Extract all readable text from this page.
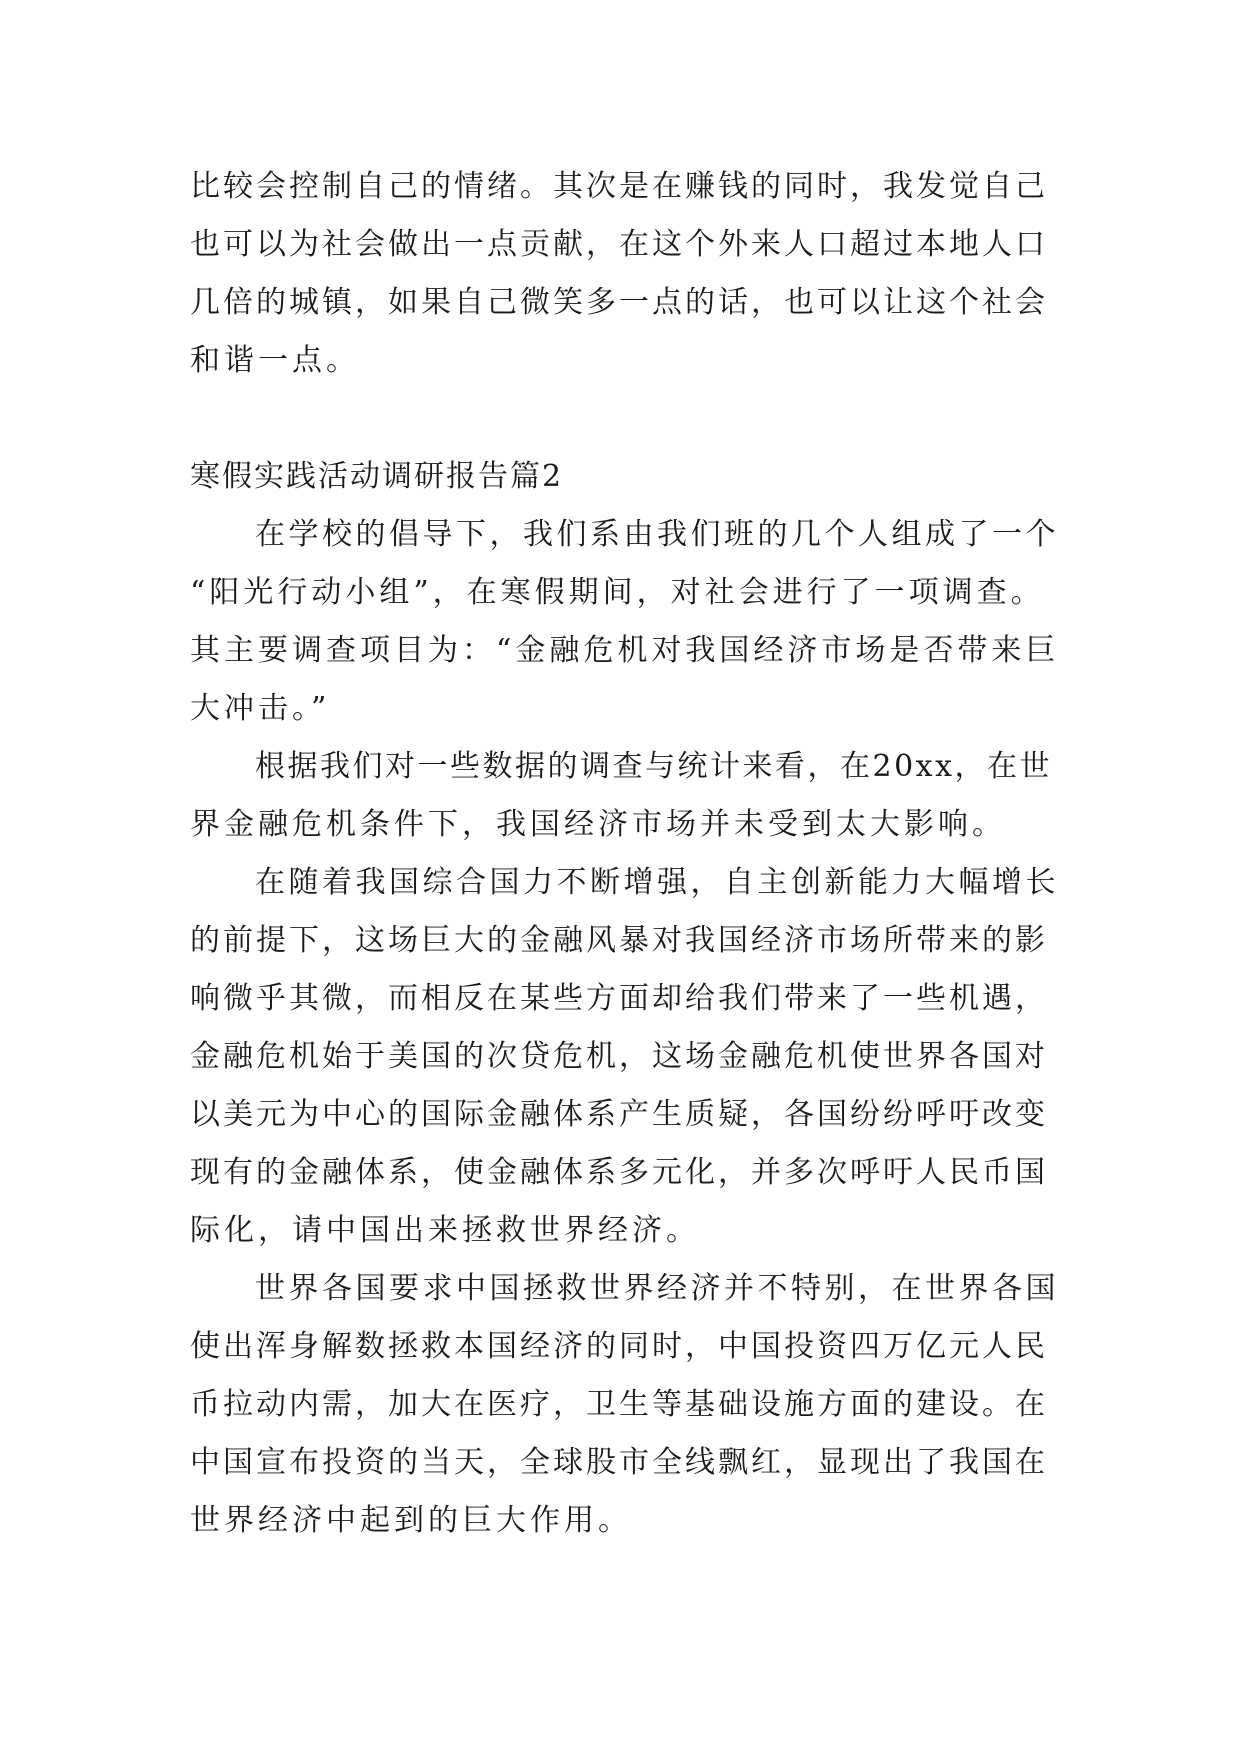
比较会控制自己的情绪。其次是在赚钱的同时，我发觉自己
也可以为社会做出一点贡献，在这个外来人口超过本地人口
几倍的城镇，如果自己微笑多一点的话，也可以让这个社会
和谐一点。
寒假实践活动调研报告篇2
在学校的倡导下，我们系由我们班的几个人组成了一个
“阳光行动小组”，在寒假期间，对社会进行了一项调查。
其主要调查项目为：“金融危机对我国经济市场是否带来巨
大冲击。”
根据我们对一些数据的调查与统计来看，在20xx，在世
界金融危机条件下，我国经济市场并未受到太大影响。
在随着我国综合国力不断增强，自主创新能力大幅增长
的前提下，这场巨大的金融风暴对我国经济市场所带来的影
响微乎其微，而相反在某些方面却给我们带来了一些机遇，
金融危机始于美国的次贷危机，这场金融危机使世界各国对
以美元为中心的国际金融体系产生质疑，各国纷纷呼吁改变
现有的金融体系，使金融体系多元化，并多次呼吁人民币国
际化，请中国出来拯救世界经济。
世界各国要求中国拯救世界经济并不特别，在世界各国
使出浑身解数拯救本国经济的同时，中国投资四万亿元人民
币拉动内需，加大在医疗，卫生等基础设施方面的建设。在
中国宣布投资的当天，全球股市全线飘红，显现出了我国在
世界经济中起到的巨大作用。
